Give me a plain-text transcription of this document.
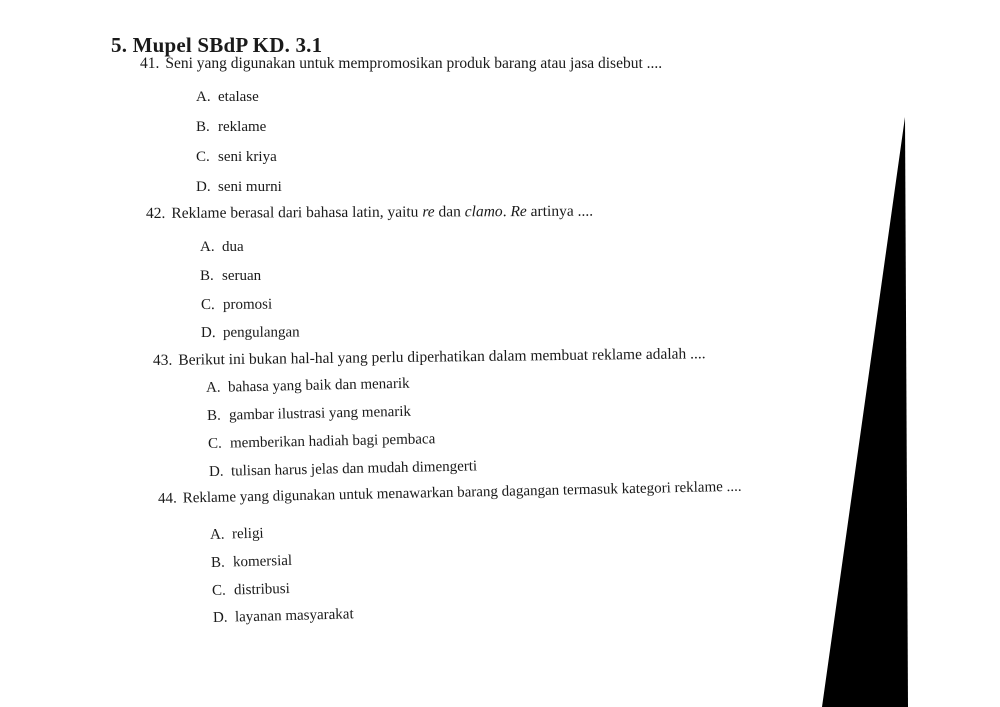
5. Mupel SBdP KD. 3.1
41. Seni yang digunakan untuk mempromosikan produk barang atau jasa disebut ....
A. etalase
B. reklame
C. seni kriya
D. seni murni
42. Reklame berasal dari bahasa latin, yaitu re dan clamo. Re artinya ....
A. dua
B. seruan
C. promosi
D. pengulangan
43. Berikut ini bukan hal-hal yang perlu diperhatikan dalam membuat reklame adalah ....
A. bahasa yang baik dan menarik
B. gambar ilustrasi yang menarik
C. memberikan hadiah bagi pembaca
D. tulisan harus jelas dan mudah dimengerti
44. Reklame yang digunakan untuk menawarkan barang dagangan termasuk kategori reklame ....
A. religi
B. komersial
C. distribusi
D. layanan masyarakat
